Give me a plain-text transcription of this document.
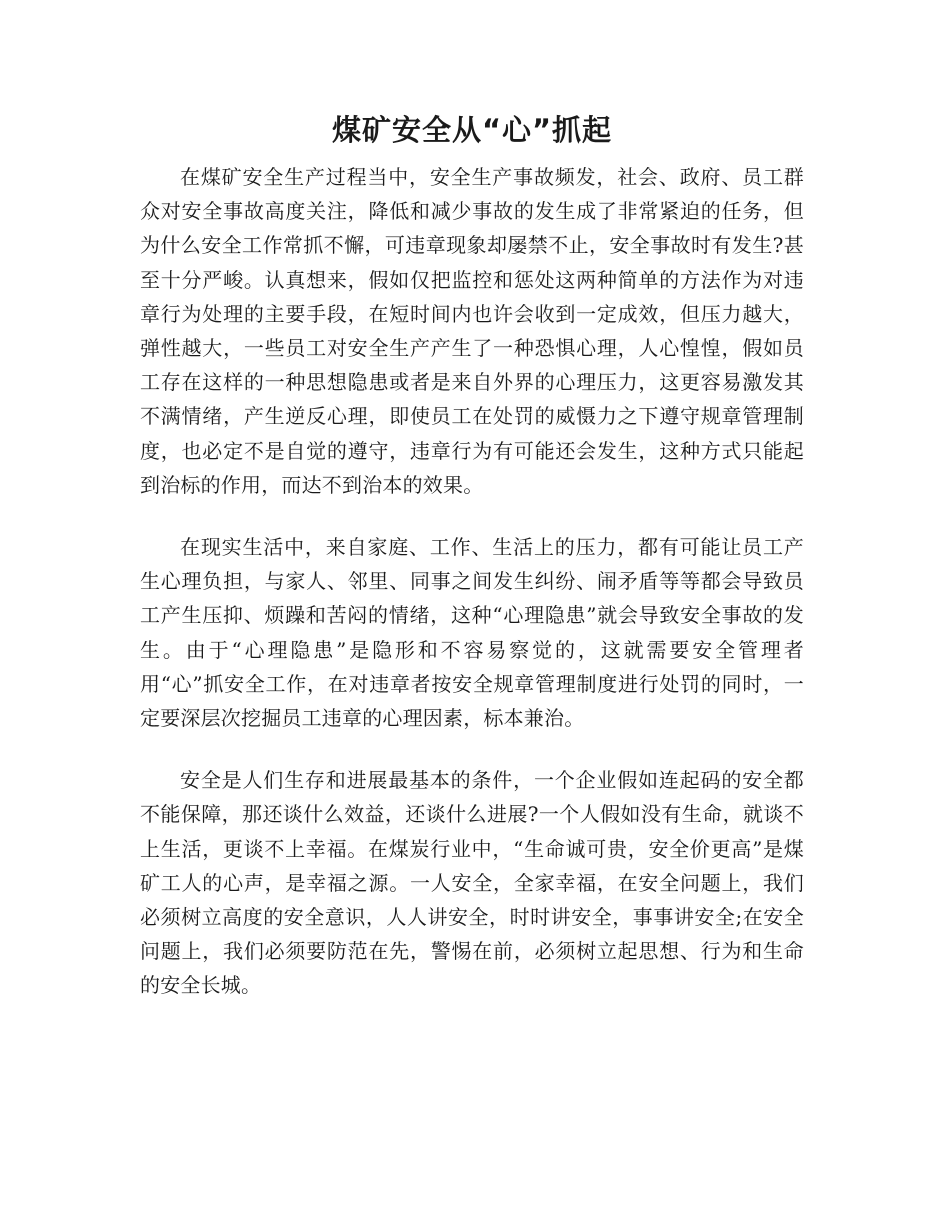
煤矿安全从“心”抓起

在煤矿安全生产过程当中，安全生产事故频发，社会、政府、员工群众对安全事故高度关注，降低和减少事故的发生成了非常紧迫的任务，但为什么安全工作常抓不懈，可违章现象却屡禁不止，安全事故时有发生?甚至十分严峻。认真想来，假如仅把监控和惩处这两种简单的方法作为对违章行为处理的主要手段，在短时间内也许会收到一定成效，但压力越大，弹性越大，一些员工对安全生产产生了一种恐惧心理，人心惶惶，假如员工存在这样的一种思想隐患或者是来自外界的心理压力，这更容易激发其不满情绪，产生逆反心理，即使员工在处罚的威慑力之下遵守规章管理制度，也必定不是自觉的遵守，违章行为有可能还会发生，这种方式只能起到治标的作用，而达不到治本的效果。

在现实生活中，来自家庭、工作、生活上的压力，都有可能让员工产生心理负担，与家人、邻里、同事之间发生纠纷、闹矛盾等等都会导致员工产生压抑、烦躁和苦闷的情绪，这种“心理隐患”就会导致安全事故的发生。由于“心理隐患”是隐形和不容易察觉的，这就需要安全管理者用“心”抓安全工作，在对违章者按安全规章管理制度进行处罚的同时，一定要深层次挖掘员工违章的心理因素，标本兼治。

安全是人们生存和进展最基本的条件，一个企业假如连起码的安全都不能保障，那还谈什么效益，还谈什么进展?一个人假如没有生命，就谈不上生活，更谈不上幸福。在煤炭行业中，“生命诚可贵，安全价更高”是煤矿工人的心声，是幸福之源。一人安全，全家幸福，在安全问题上，我们必须树立高度的安全意识，人人讲安全，时时讲安全，事事讲安全;在安全问题上，我们必须要防范在先，警惕在前，必须树立起思想、行为和生命的安全长城。
